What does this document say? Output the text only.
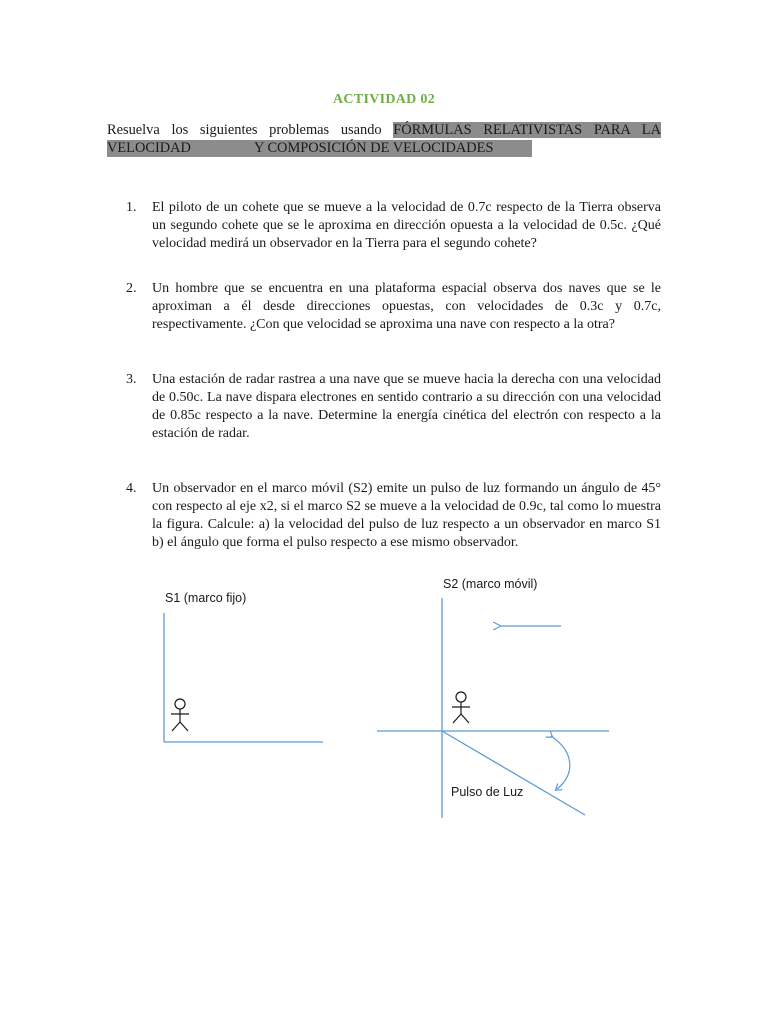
ACTIVIDAD 02
Resuelva los siguientes problemas usando FÓRMULAS RELATIVISTAS PARA LA
VELOCIDAD	Y COMPOSICIÓN DE VELOCIDADES
1. El piloto de un cohete que se mueve a la velocidad de 0.7c respecto de la Tierra observa un segundo cohete que se le aproxima en dirección opuesta a la velocidad de 0.5c. ¿Qué velocidad medirá un observador en la Tierra para el segundo cohete?
2. Un hombre que se encuentra en una plataforma espacial observa dos naves que se le aproximan a él desde direcciones opuestas, con velocidades de 0.3c y 0.7c, respectivamente. ¿Con que velocidad se aproxima una nave con respecto a la otra?
3. Una estación de radar rastrea a una nave que se mueve hacia la derecha con una velocidad de 0.50c. La nave dispara electrones en sentido contrario a su dirección con una velocidad de 0.85c respecto a la nave. Determine la energía cinética del electrón con respecto a la estación de radar.
4. Un observador en el marco móvil (S2) emite un pulso de luz formando un ángulo de 45° con respecto al eje x2, si el marco S2 se mueve a la velocidad de 0.9c, tal como lo muestra la figura. Calcule: a) la velocidad del pulso de luz respecto a un observador en marco S1 b) el ángulo que forma el pulso respecto a ese mismo observador.
S1 (marco fijo)
S2 (marco móvil)
Pulso de Luz
